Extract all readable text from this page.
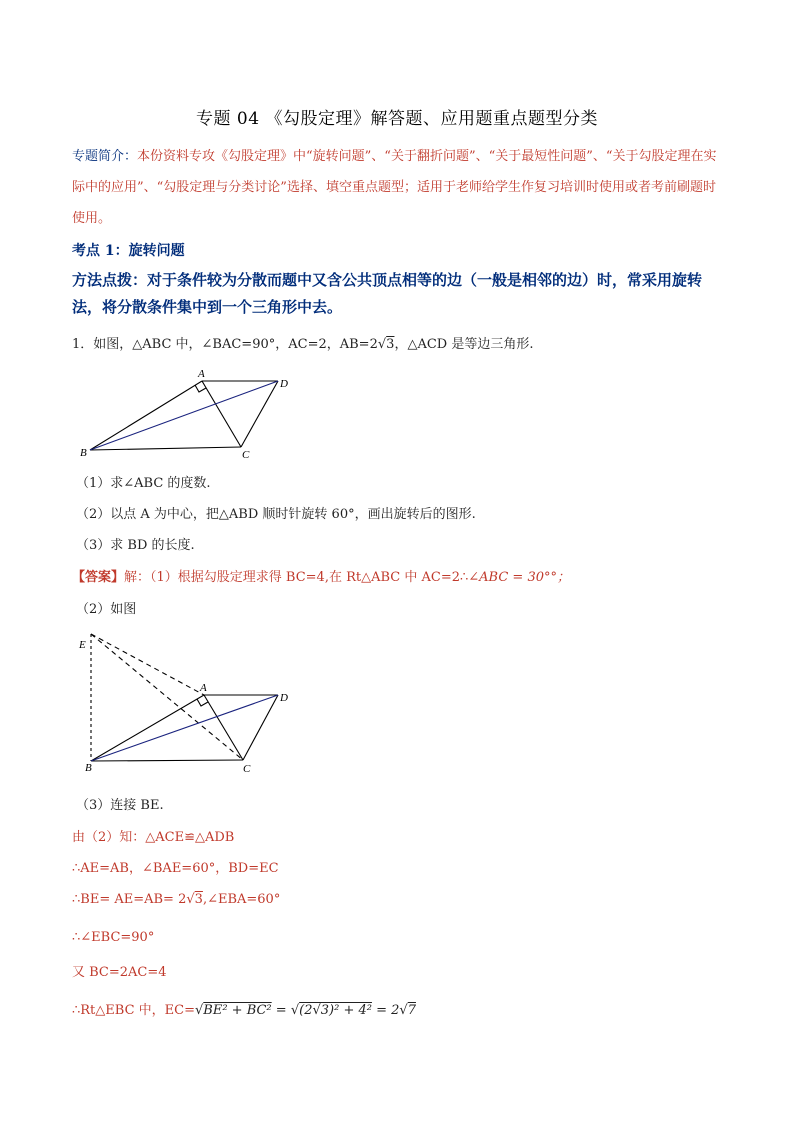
专题 04 《勾股定理》解答题、应用题重点题型分类
专题简介：本份资料专攻《勾股定理》中“旋转问题”、“关于翻折问题”、“关于最短性问题”、“关于勾股定理在实际中的应用”、“勾股定理与分类讨论”选择、填空重点题型；适用于老师给学生作复习培训时使用或者考前刷题时使用。
考点 1：旋转问题
方法点拨：对于条件较为分散而题中又含公共顶点相等的边（一般是相邻的边）时，常采用旋转法，将分散条件集中到一个三角形中去。
1．如图，△ABC 中，∠BAC=90°，AC=2，AB=2√3，△ACD 是等边三角形.
A
B	C
D
（1）求∠ABC 的度数.
（2）以点 A 为中心，把△ABD 顺时针旋转 60°，画出旋转后的图形.
（3）求 BD 的长度.
【答案】解：（1）根据勾股定理求得 BC=4,在 Rt△ABC 中 AC=2∴∠ABC = 30°°；
（2）如图
E
A
B	C
D
（3）连接 BE.
由（2）知：△ACE≌△ADB
∴AE=AB，∠BAE=60°，BD=EC
∴BE= AE=AB= 2√3,∠EBA=60°
∴∠EBC=90°
又 BC=2AC=4
∴Rt△EBC 中，EC=√BE² + BC² = √(2√3)² + 4² = 2√7
